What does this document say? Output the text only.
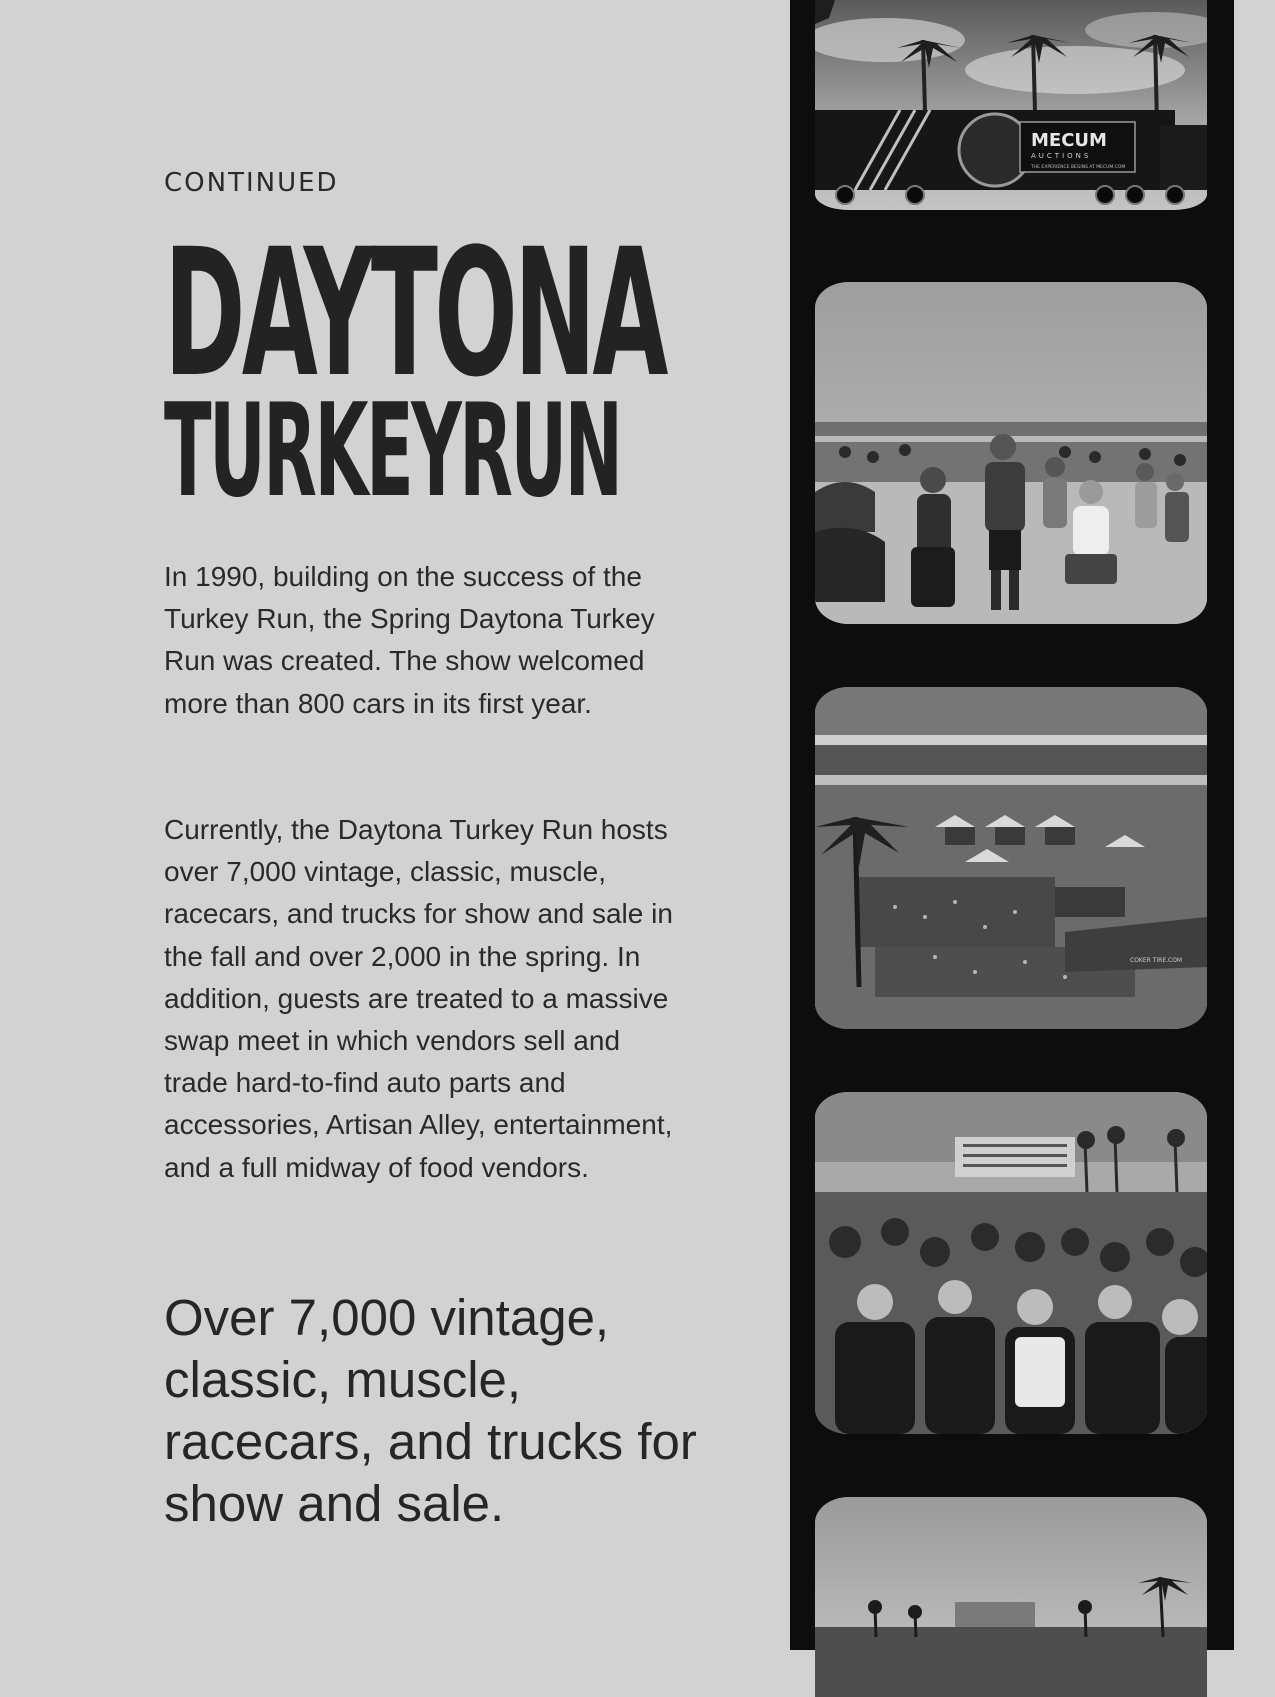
CONTINUED
DAYTONA
TURKEYRUN

In 1990, building on the success of the Turkey Run, the Spring Daytona Turkey Run was created. The show welcomed more than 800 cars in its first year.

Currently, the Daytona Turkey Run hosts over 7,000 vintage, classic, muscle, racecars, and trucks for show and sale in the fall and over 2,000 in the spring. In addition, guests are treated to a massive swap meet in which vendors sell and trade hard-to-find auto parts and accessories, Artisan Alley, entertainment, and a full midway of food vendors.

Over 7,000 vintage, classic, muscle, racecars, and trucks for show and sale.

MECUM
AUCTIONS
THE EXPERIENCE BEGINS AT MECUM.COM
COKER TIRE.COM
